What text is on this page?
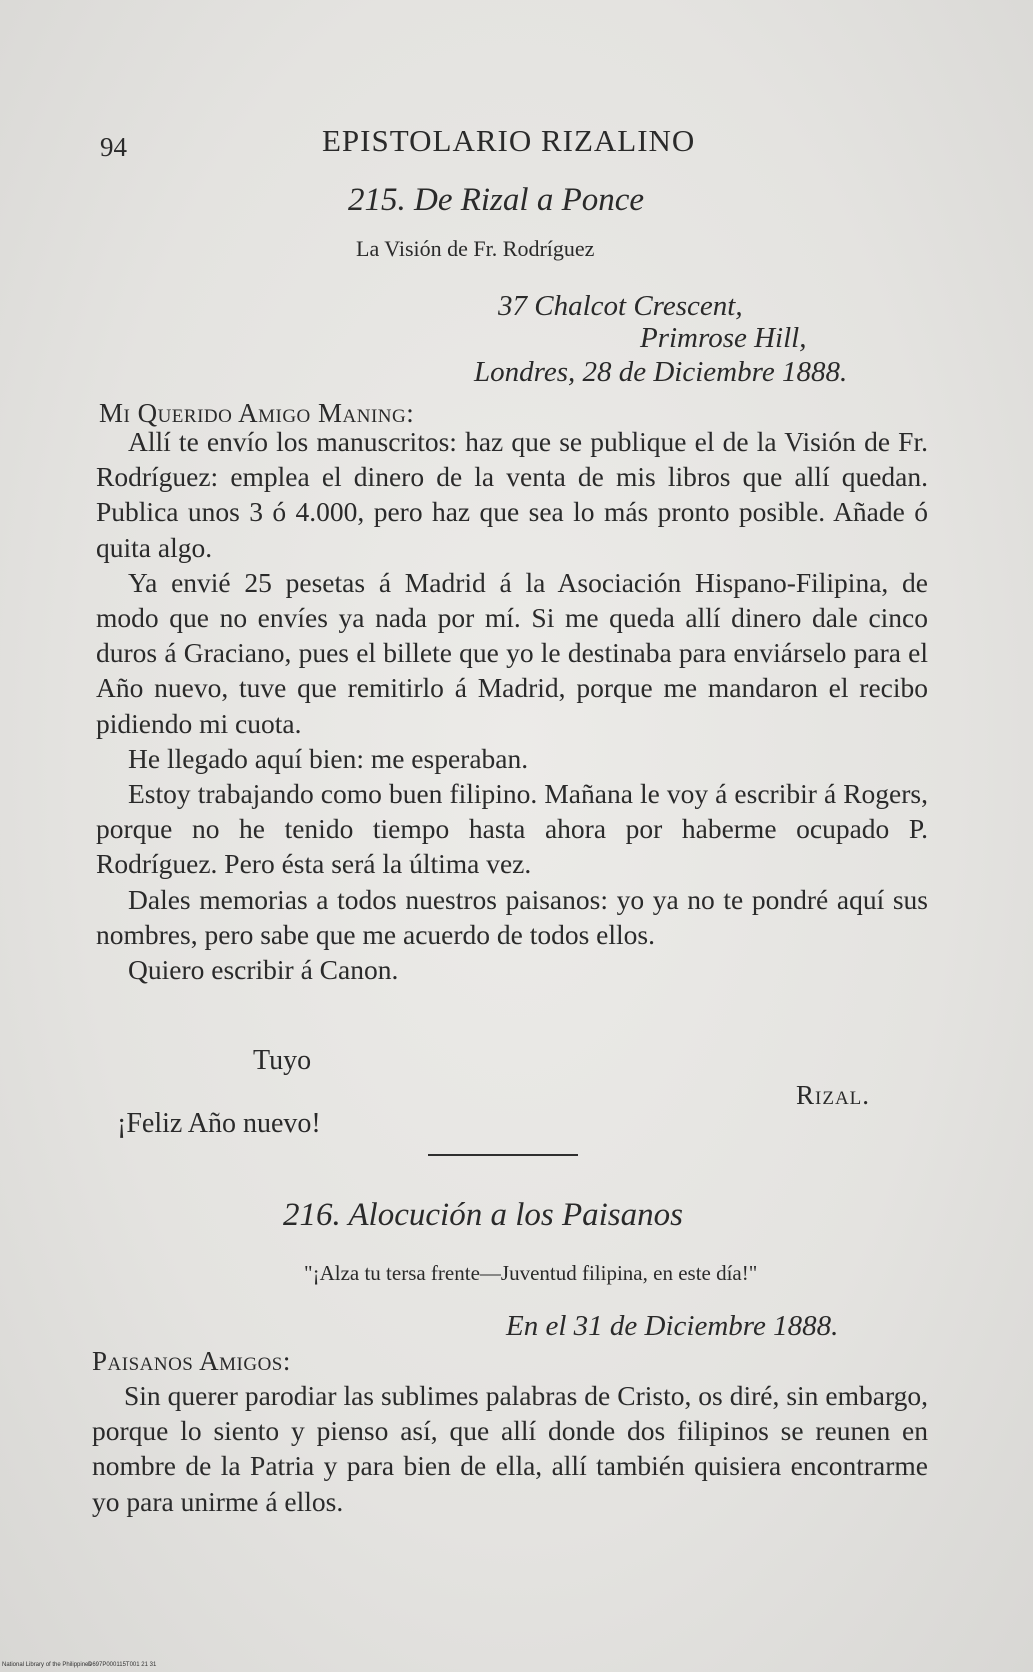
94	EPISTOLARIO RIZALINO
215. De Rizal a Ponce
La Visión de Fr. Rodríguez
37 Chalcot Crescent,
Primrose Hill,
Londres, 28 de Diciembre 1888.
Mi Querido Amigo Maning:

Allí te envío los manuscritos: haz que se publique el de la Visión de Fr. Rodríguez: emplea el dinero de la venta de mis libros que allí quedan. Publica unos 3 ó 4.000, pero haz que sea lo más pronto posible. Añade ó quita algo.

Ya envié 25 pesetas á Madrid á la Asociación Hispano-Filipina, de modo que no envíes ya nada por mí. Si me queda allí dinero dale cinco duros á Graciano, pues el billete que yo le destinaba para enviárselo para el Año nuevo, tuve que remitirlo á Madrid, porque me mandaron el recibo pidiendo mi cuota.

He llegado aquí bien: me esperaban.

Estoy trabajando como buen filipino. Mañana le voy á escribir á Rogers, porque no he tenido tiempo hasta ahora por haberme ocupado P. Rodríguez. Pero ésta será la última vez.

Dales memorias a todos nuestros paisanos: yo ya no te pondré aquí sus nombres, pero sabe que me acuerdo de todos ellos.

Quiero escribir á Canon.

Tuyo
Rizal.
¡Feliz Año nuevo!
216. Alocución a los Paisanos
"¡Alza tu tersa frente—Juventud filipina, en este día!"
En el 31 de Diciembre 1888.
Paisanos Amigos:

Sin querer parodiar las sublimes palabras de Cristo, os diré, sin embargo, porque lo siento y pienso así, que allí donde dos filipinos se reunen en nombre de la Patria y para bien de ella, allí también quisiera encontrarme yo para unirme á ellos.

National Library of the Philippines
D697P000115T001 21 31
